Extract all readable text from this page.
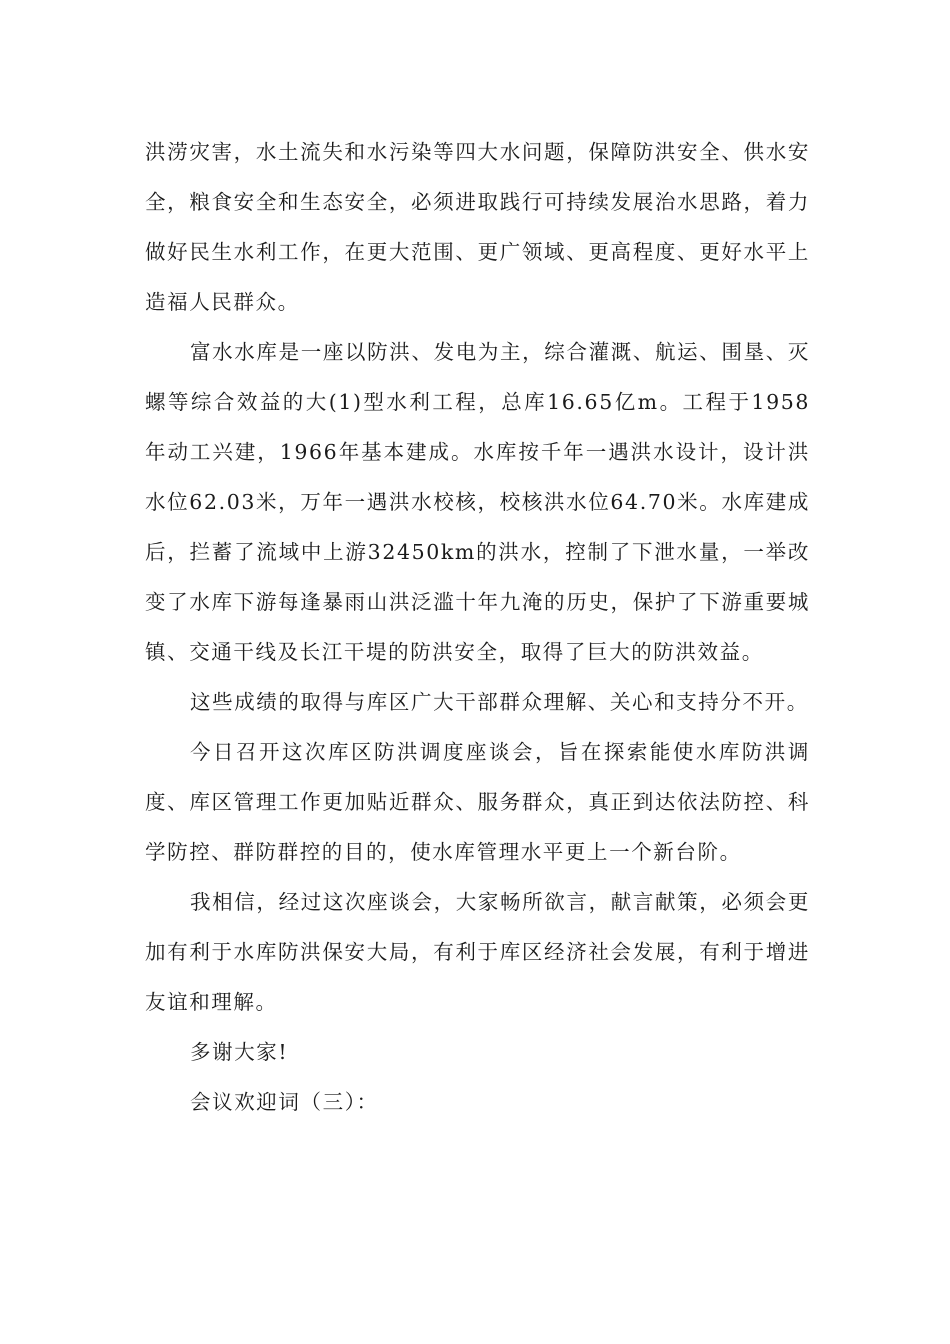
洪涝灾害，水土流失和水污染等四大水问题，保障防洪安全、供水安全，粮食安全和生态安全，必须进取践行可持续发展治水思路，着力做好民生水利工作，在更大范围、更广领域、更高程度、更好水平上造福人民群众。

富水水库是一座以防洪、发电为主，综合灌溉、航运、围垦、灭螺等综合效益的大(1)型水利工程，总库16.65亿m。工程于1958年动工兴建，1966年基本建成。水库按千年一遇洪水设计，设计洪水位62.03米，万年一遇洪水校核，校核洪水位64.70米。水库建成后，拦蓄了流域中上游32450km的洪水，控制了下泄水量，一举改变了水库下游每逢暴雨山洪泛滥十年九淹的历史，保护了下游重要城镇、交通干线及长江干堤的防洪安全，取得了巨大的防洪效益。

这些成绩的取得与库区广大干部群众理解、关心和支持分不开。

今日召开这次库区防洪调度座谈会，旨在探索能使水库防洪调度、库区管理工作更加贴近群众、服务群众，真正到达依法防控、科学防控、群防群控的目的，使水库管理水平更上一个新台阶。

我相信，经过这次座谈会，大家畅所欲言，献言献策，必须会更加有利于水库防洪保安大局，有利于库区经济社会发展，有利于增进友谊和理解。

多谢大家!

会议欢迎词（三）：
